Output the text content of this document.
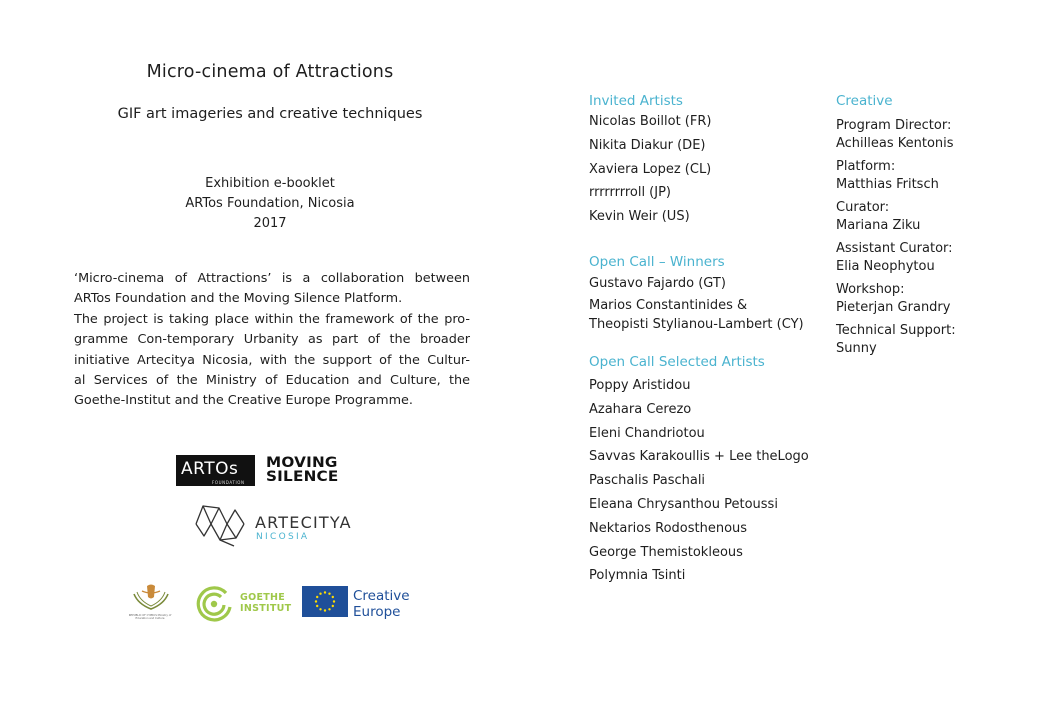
Micro-cinema of Attractions
GIF art imageries and creative techniques
Exhibition e-booklet
ARTos Foundation, Nicosia
2017
‘Micro-cinema of Attractions’ is a collaboration between
ARTos Foundation and the Moving Silence Platform.
The project is taking place within the framework of the pro-
gramme Con-temporary Urbanity as part of the broader
initiative Artecitya Nicosia, with the support of the Cultur-
al Services of the Ministry of Education and Culture, the
Goethe-Institut and the Creative Europe Programme.
ARTOs
FOUNDATION
MOVING
SILENCE
ARTECITYA
NICOSIA
REPUBLIC OF CYPRUS Ministry of Education and Culture
GOETHE
INSTITUT
Creative
Europe
Invited Artists
Nicolas Boillot (FR)
Nikita Diakur (DE)
Xaviera Lopez (CL)
rrrrrrrroll (JP)
Kevin Weir (US)
Open Call – Winners
Gustavo Fajardo (GT)
Marios Constantinides &
Theopisti Stylianou-Lambert (CY)
Open Call Selected Artists
Poppy Aristidou
Azahara Cerezo
Eleni Chandriotou
Savvas Karakoullis + Lee theLogo
Paschalis Paschali
Eleana Chrysanthou Petoussi
Nektarios Rodosthenous
George Themistokleous
Polymnia Tsinti
Creative
Program Director:
Achilleas Kentonis
Platform:
Matthias Fritsch
Curator:
Mariana Ziku
Assistant Curator:
Elia Neophytou
Workshop:
Pieterjan Grandry
Technical Support:
Sunny
